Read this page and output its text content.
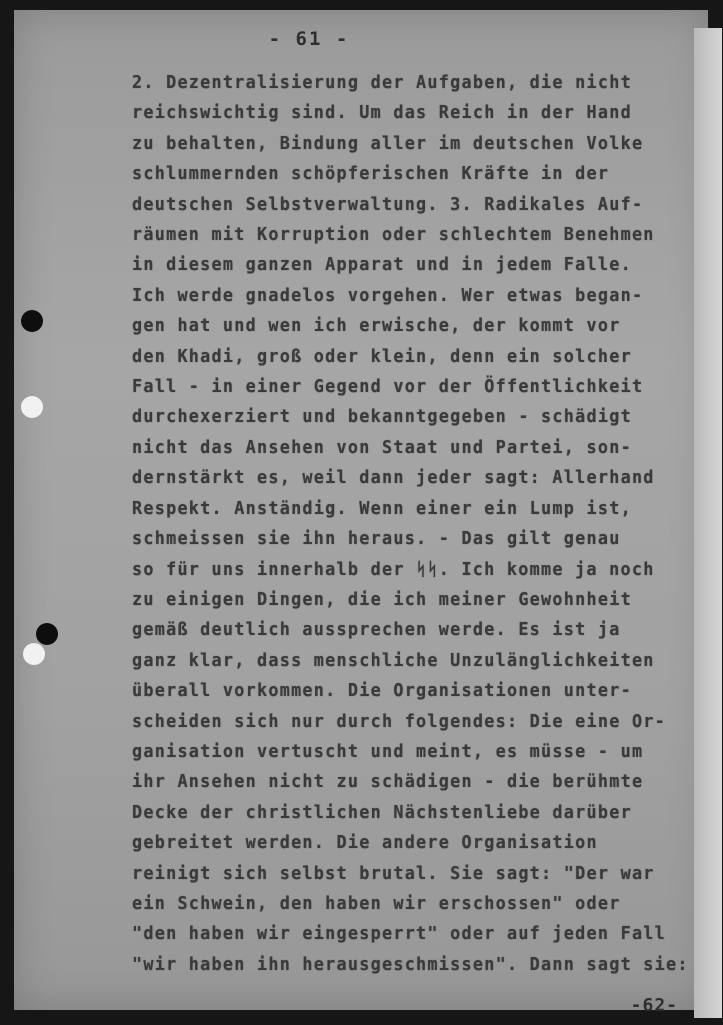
- 61 -
2. Dezentralisierung der Aufgaben, die nicht
reichswichtig sind. Um das Reich in der Hand
zu behalten, Bindung aller im deutschen Volke
schlummernden schöpferischen Kräfte in der
deutschen Selbstverwaltung. 3. Radikales Auf-
räumen mit Korruption oder schlechtem Benehmen
in diesem ganzen Apparat und in jedem Falle.
Ich werde gnadelos vorgehen. Wer etwas began-
gen hat und wen ich erwische, der kommt vor
den Khadi, groß oder klein, denn ein solcher
Fall - in einer Gegend vor der Öffentlichkeit
durchexerziert und bekanntgegeben - schädigt
nicht das Ansehen von Staat und Partei, son-
dernstärkt es, weil dann jeder sagt: Allerhand
Respekt. Anständig. Wenn einer ein Lump ist,
schmeissen sie ihn heraus. - Das gilt genau
so für uns innerhalb der ᛋᛋ. Ich komme ja noch
zu einigen Dingen, die ich meiner Gewohnheit
gemäß deutlich aussprechen werde. Es ist ja
ganz klar, dass menschliche Unzulänglichkeiten
überall vorkommen. Die Organisationen unter-
scheiden sich nur durch folgendes: Die eine Or-
ganisation vertuscht und meint, es müsse - um
ihr Ansehen nicht zu schädigen - die berühmte
Decke der christlichen Nächstenliebe darüber
gebreitet werden. Die andere Organisation
reinigt sich selbst brutal. Sie sagt: "Der war
ein Schwein, den haben wir erschossen" oder
"den haben wir eingesperrt" oder auf jeden Fall
"wir haben ihn herausgeschmissen". Dann sagt sie:
-62-
